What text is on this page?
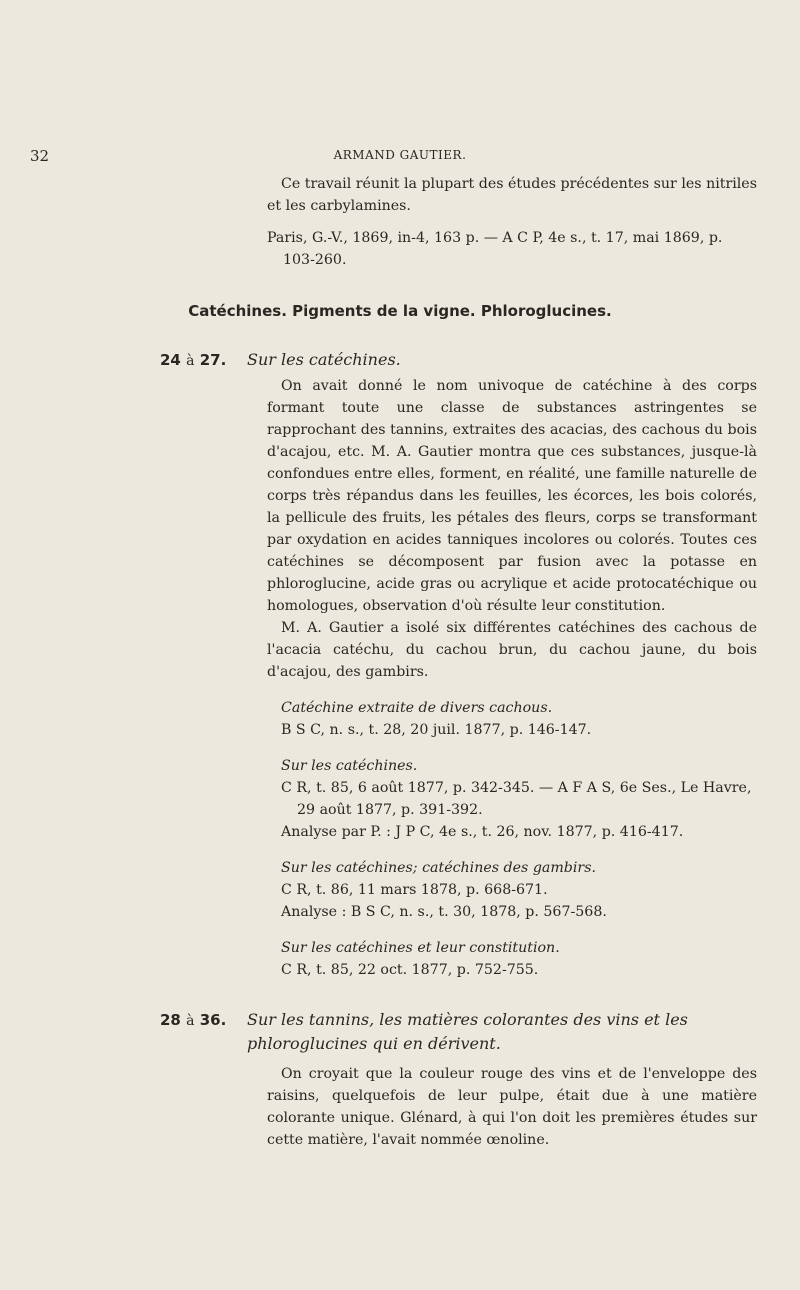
32	ARMAND GAUTIER.

Ce travail réunit la plupart des études précédentes sur les nitriles et les carbylamines.

Paris, G.-V., 1869, in-4, 163 p. — A C P, 4e s., t. 17, mai 1869, p. 103-260.

Catéchines. Pigments de la vigne. Phloroglucines.
24 à 27. Sur les catéchines.

On avait donné le nom univoque de catéchine à des corps formant toute une classe de substances astringentes se rapprochant des tannins, extraites des acacias, des cachous du bois d'acajou, etc. M. A. Gautier montra que ces substances, jusque-là confondues entre elles, forment, en réalité, une famille naturelle de corps très répandus dans les feuilles, les écorces, les bois colorés, la pellicule des fruits, les pétales des fleurs, corps se transformant par oxydation en acides tanniques incolores ou colorés. Toutes ces catéchines se décomposent par fusion avec la potasse en phloroglucine, acide gras ou acrylique et acide protocatéchique ou homologues, observation d'où résulte leur constitution.

M. A. Gautier a isolé six différentes catéchines des cachous de l'acacia catéchu, du cachou brun, du cachou jaune, du bois d'acajou, des gambirs.

Catéchine extraite de divers cachous.

B S C, n. s., t. 28, 20 juil. 1877, p. 146-147.

Sur les catéchines.

C R, t. 85, 6 août 1877, p. 342-345. — A F A S, 6e Ses., Le Havre, 29 août 1877, p. 391-392.

Analyse par P. : J P C, 4e s., t. 26, nov. 1877, p. 416-417.

Sur les catéchines; catéchines des gambirs.

C R, t. 86, 11 mars 1878, p. 668-671.

Analyse : B S C, n. s., t. 30, 1878, p. 567-568.

Sur les catéchines et leur constitution.

C R, t. 85, 22 oct. 1877, p. 752-755.

28 à 36. Sur les tannins, les matières colorantes des vins et les phloroglucines qui en dérivent.

On croyait que la couleur rouge des vins et de l'enveloppe des raisins, quelquefois de leur pulpe, était due à une matière colorante unique. Glénard, à qui l'on doit les premières études sur cette matière, l'avait nommée œnoline.
